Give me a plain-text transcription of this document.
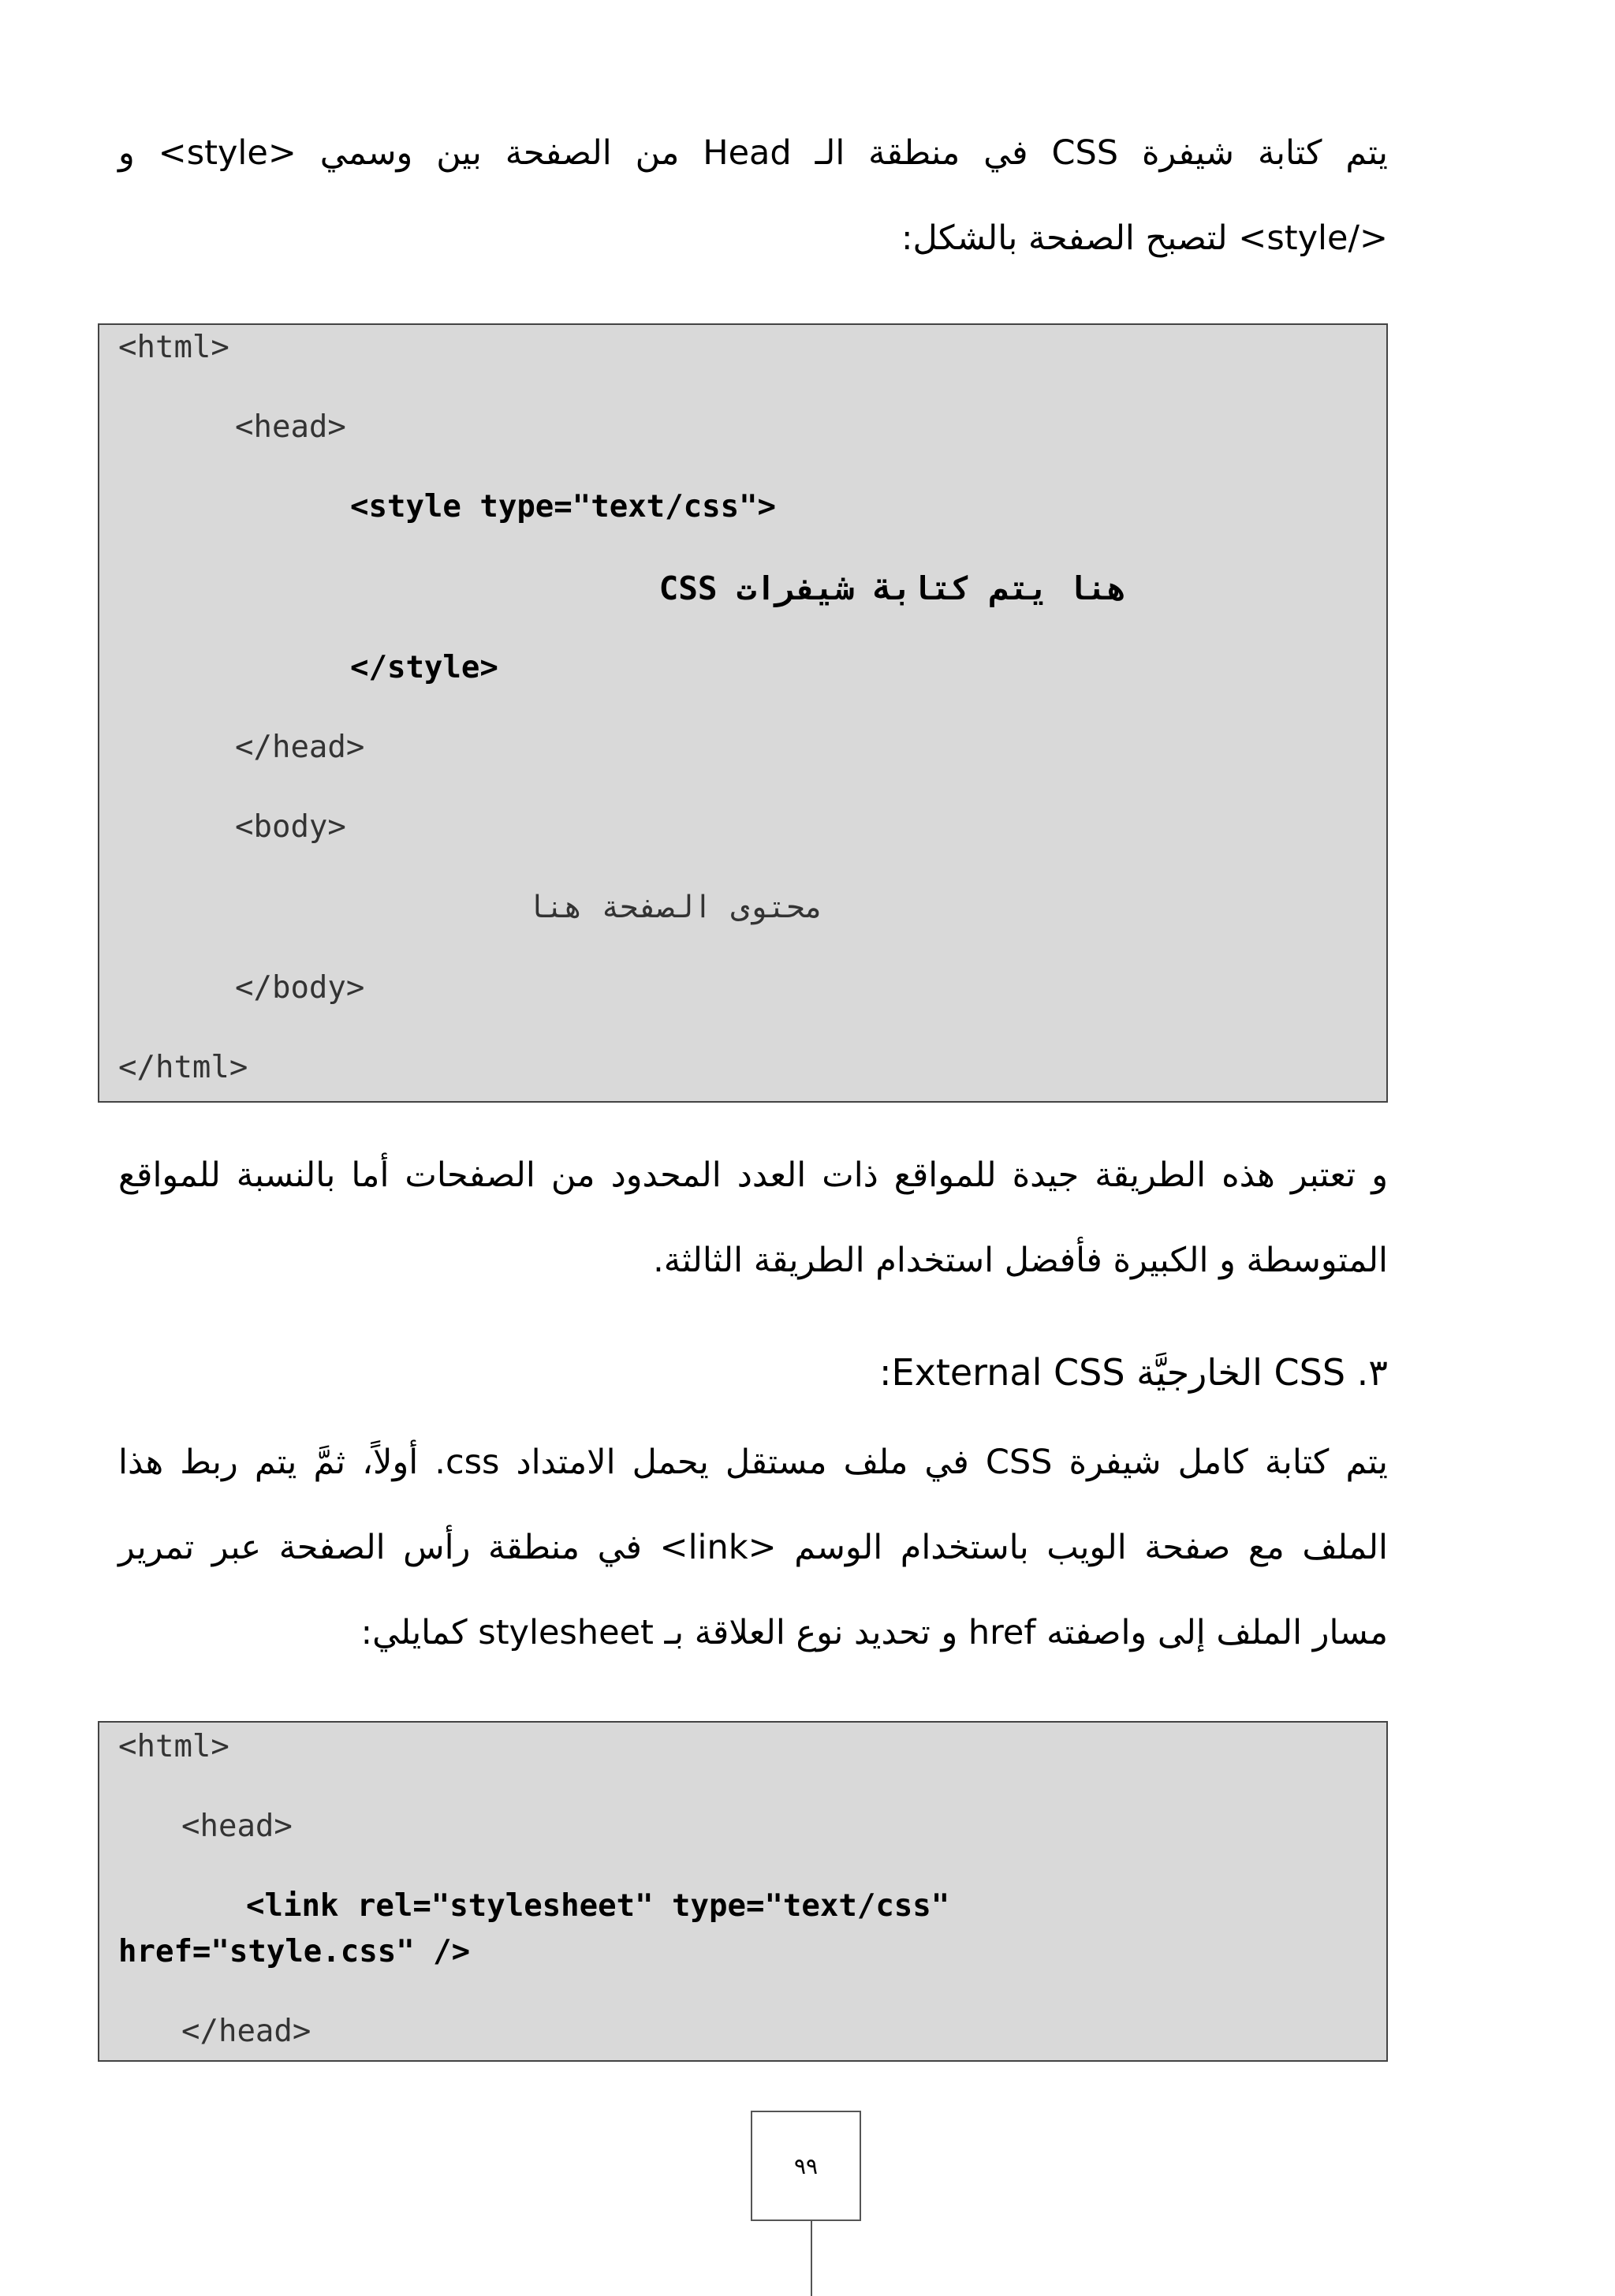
يتم كتابة شيفرة CSS في منطقة الـ Head من الصفحة بين وسمي <style> و
</style> لتصبح الصفحة بالشكل:
<html>
<head>
<style type="text/css">
هنا يتم كتابة شيفرات CSS
</style>
</head>
<body>
محتوى الصفحة هنا
</body>
</html>
و تعتبر هذه الطريقة جيدة للمواقع ذات العدد المحدود من الصفحات أما بالنسبة للمواقع
المتوسطة و الكبيرة فأفضل استخدام الطريقة الثالثة.
٣. CSS الخارجيَّة External CSS:
يتم كتابة كامل شيفرة CSS في ملف مستقل يحمل الامتداد css. أولاً، ثمَّ يتم ربط هذا
الملف مع صفحة الويب باستخدام الوسم <link> في منطقة رأس الصفحة عبر تمرير
مسار الملف إلى واصفته href و تحديد نوع العلاقة بـ stylesheet كمايلي:
<html>
<head>
<link rel="stylesheet" type="text/css"
href="style.css" />
</head>
٩٩
